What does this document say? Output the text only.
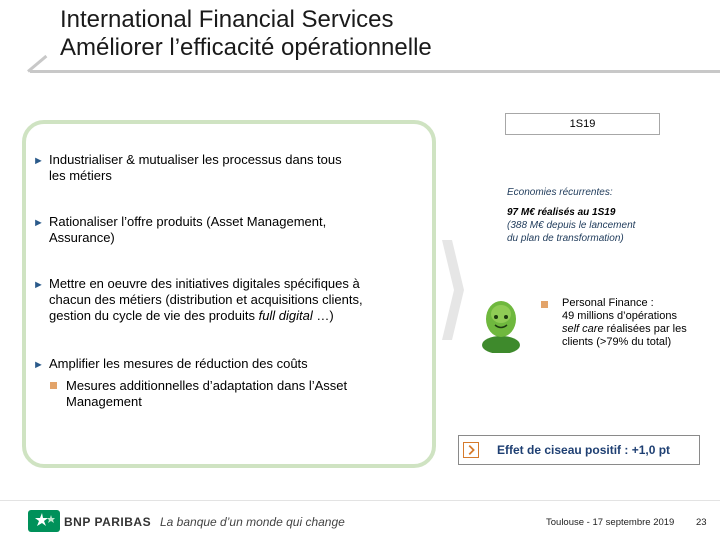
International Financial Services
Améliorer l’efficacité opérationnelle
► Industrialiser & mutualiser les processus dans tous
les métiers
► Rationaliser l’offre produits (Asset Management,
Assurance)
► Mettre en oeuvre des initiatives digitales spécifiques à
chacun des métiers (distribution et acquisitions clients,
gestion du cycle de vie des produits full digital …)
► Amplifier les mesures de réduction des coûts
Mesures additionnelles d’adaptation dans l’Asset
Management
1S19
Economies récurrentes:
97 M€ réalisés au 1S19
(388 M€ depuis le lancement
du plan de transformation)
Personal Finance :
49 millions d’opérations
self care réalisées par les
clients (>79% du total)
Effet de ciseau positif : +1,0 pt
BNP PARIBAS La banque d’un monde qui change	Toulouse - 17 septembre 2019 23
